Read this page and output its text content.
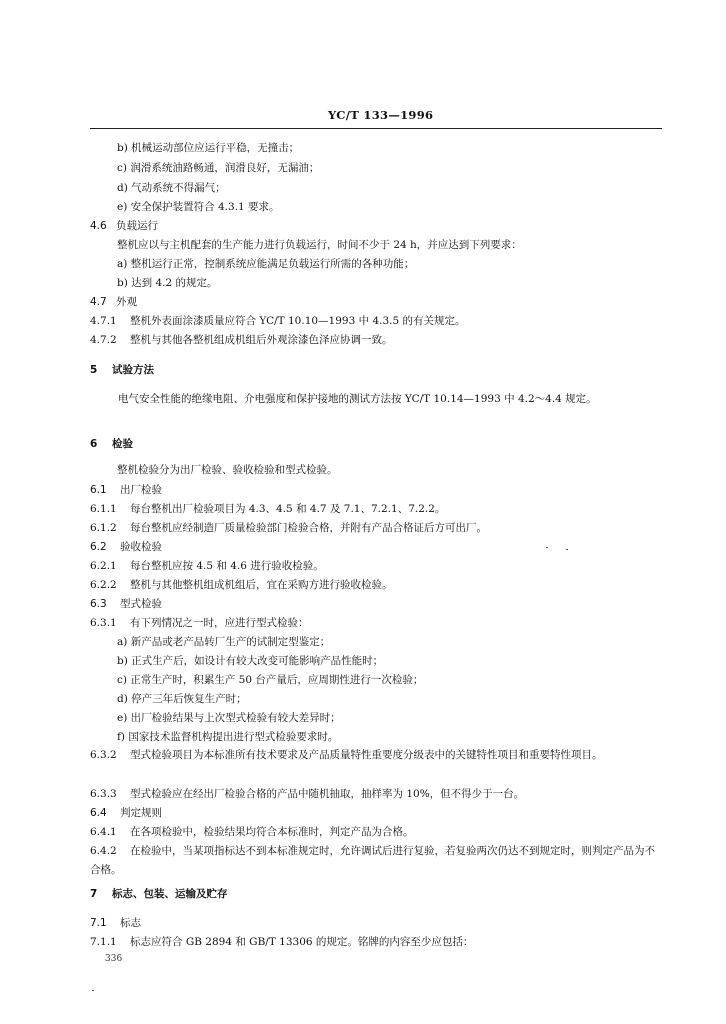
YC/T 133—1996
b) 机械运动部位应运行平稳，无撞击；
c) 润滑系统油路畅通，润滑良好，无漏油；
d) 气动系统不得漏气；
e) 安全保护装置符合 4.3.1 要求。
4.6 负载运行
整机应以与主机配套的生产能力进行负载运行，时间不少于 24 h，并应达到下列要求：
a) 整机运行正常，控制系统应能满足负载运行所需的各种功能；
b) 达到 4.2 的规定。
4.7 外观
4.7.1 整机外表面涂漆质量应符合 YC/T 10.10—1993 中 4.3.5 的有关规定。
4.7.2 整机与其他各整机组成机组后外观涂漆色泽应协调一致。
5 试验方法
电气安全性能的绝缘电阻、介电强度和保护接地的测试方法按 YC/T 10.14—1993 中 4.2～4.4 规定。
6 检验
整机检验分为出厂检验、验收检验和型式检验。
6.1 出厂检验
6.1.1 每台整机出厂检验项目为 4.3、4.5 和 4.7 及 7.1、7.2.1、7.2.2。
6.1.2 每台整机应经制造厂质量检验部门检验合格，并附有产品合格证后方可出厂。
6.2 验收检验
6.2.1 每台整机应按 4.5 和 4.6 进行验收检验。
6.2.2 整机与其他整机组成机组后，宜在采购方进行验收检验。
6.3 型式检验
6.3.1 有下列情况之一时，应进行型式检验：
a) 新产品或老产品转厂生产的试制定型鉴定；
b) 正式生产后，如设计有较大改变可能影响产品性能时；
c) 正常生产时，积累生产 50 台产量后，应周期性进行一次检验；
d) 停产三年后恢复生产时；
e) 出厂检验结果与上次型式检验有较大差异时；
f) 国家技术监督机构提出进行型式检验要求时。
6.3.2 型式检验项目为本标准所有技术要求及产品质量特性重要度分级表中的关键特性项目和重要特性项目。
6.3.3 型式检验应在经出厂检验合格的产品中随机抽取，抽样率为 10%，但不得少于一台。
6.4 判定规则
6.4.1 在各项检验中，检验结果均符合本标准时，判定产品为合格。
6.4.2 在检验中，当某项指标达不到本标准规定时，允许调试后进行复验，若复验两次仍达不到规定时，则判定产品为不合格。
7 标志、包装、运输及贮存
7.1 标志
7.1.1 标志应符合 GB 2894 和 GB/T 13306 的规定。铭牌的内容至少应包括：
336
